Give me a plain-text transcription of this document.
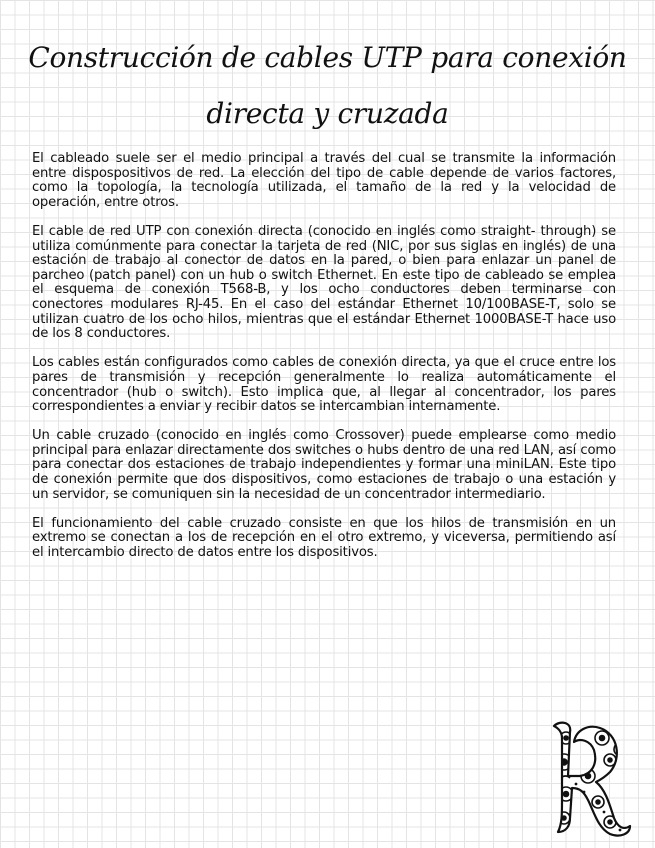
Construcción de cables UTP para conexión directa y cruzada

El cableado suele ser el medio principal a través del cual se transmite la información entre dispospositivos de red. La elección del tipo de cable depende de varios factores, como la topología, la tecnología utilizada, el tamaño de la red y la velocidad de operación, entre otros.

El cable de red UTP con conexión directa (conocido en inglés como straight- through) se utiliza comúnmente para conectar la tarjeta de red (NIC, por sus siglas en inglés) de una estación de trabajo al conector de datos en la pared, o bien para enlazar un panel de parcheo (patch panel) con un hub o switch Ethernet. En este tipo de cableado se emplea el esquema de conexión T568-B, y los ocho conductores deben terminarse con conectores modulares RJ-45. En el caso del estándar Ethernet 10/100BASE-T, solo se utilizan cuatro de los ocho hilos, mientras que el estándar Ethernet 1000BASE-T hace uso de los 8 conductores.

Los cables están configurados como cables de conexión directa, ya que el cruce entre los pares de transmisión y recepción generalmente lo realiza automáticamente el concentrador (hub o switch). Esto implica que, al llegar al concentrador, los pares correspondientes a enviar y recibir datos se intercambian internamente.

Un cable cruzado (conocido en inglés como Crossover) puede emplearse como medio principal para enlazar directamente dos switches o hubs dentro de una red LAN, así como para conectar dos estaciones de trabajo independientes y formar una miniLAN. Este tipo de conexión permite que dos dispositivos, como estaciones de trabajo o una estación y un servidor, se comuniquen sin la necesidad de un concentrador intermediario.

El funcionamiento del cable cruzado consiste en que los hilos de transmisión en un extremo se conectan a los de recepción en el otro extremo, y viceversa, permitiendo así el intercambio directo de datos entre los dispositivos.
